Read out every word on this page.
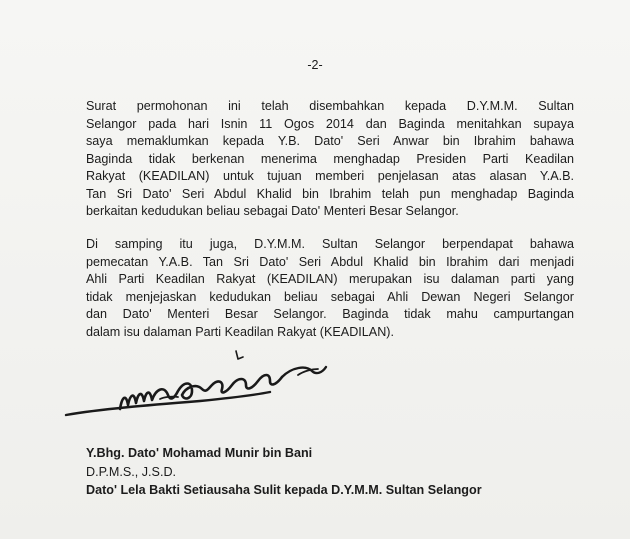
-2-
Surat permohonan ini telah disembahkan kepada D.Y.M.M. Sultan
Selangor pada hari Isnin 11 Ogos 2014 dan Baginda menitahkan supaya
saya memaklumkan kepada Y.B. Dato' Seri Anwar bin Ibrahim bahawa
Baginda tidak berkenan menerima menghadap Presiden Parti Keadilan
Rakyat (KEADILAN) untuk tujuan memberi penjelasan atas alasan Y.A.B.
Tan Sri Dato' Seri Abdul Khalid bin Ibrahim telah pun menghadap Baginda
berkaitan kedudukan beliau sebagai Dato' Menteri Besar Selangor.
Di samping itu juga, D.Y.M.M. Sultan Selangor berpendapat bahawa
pemecatan Y.A.B. Tan Sri Dato' Seri Abdul Khalid bin Ibrahim dari menjadi
Ahli Parti Keadilan Rakyat (KEADILAN) merupakan isu dalaman parti yang
tidak menjejaskan kedudukan beliau sebagai Ahli Dewan Negeri Selangor
dan Dato' Menteri Besar Selangor. Baginda tidak mahu campurtangan
dalam isu dalaman Parti Keadilan Rakyat (KEADILAN).
Y.Bhg. Dato' Mohamad Munir bin Bani
D.P.M.S., J.S.D.
Dato' Lela Bakti Setiausaha Sulit kepada D.Y.M.M. Sultan Selangor
